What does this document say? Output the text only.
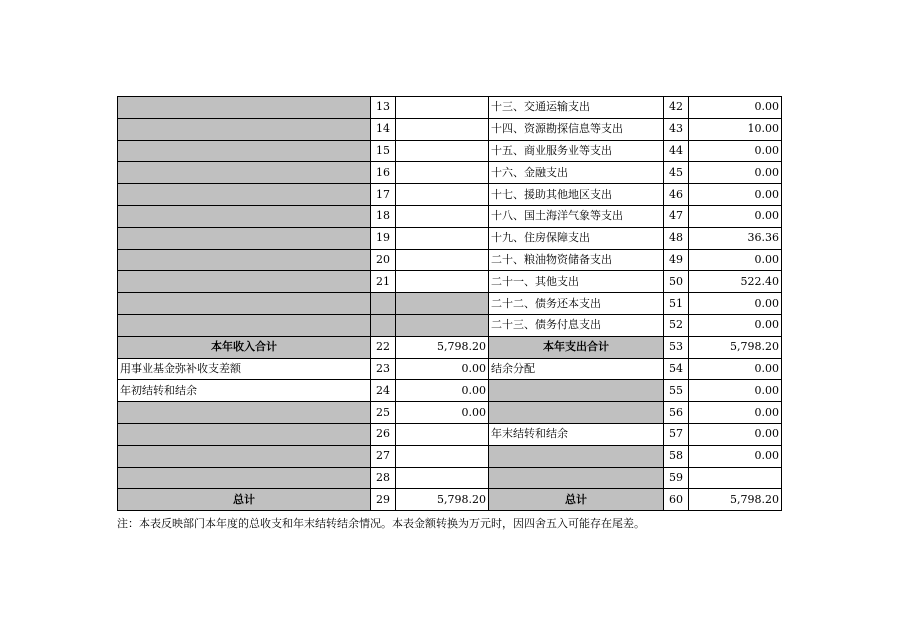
	13		十三、交通运输支出	42	0.00
	14		十四、资源勘探信息等支出	43	10.00
	15		十五、商业服务业等支出	44	0.00
	16		十六、金融支出	45	0.00
	17		十七、援助其他地区支出	46	0.00
	18		十八、国土海洋气象等支出	47	0.00
	19		十九、住房保障支出	48	36.36
	20		二十、粮油物资储备支出	49	0.00
	21		二十一、其他支出	50	522.40
			二十二、债务还本支出	51	0.00
			二十三、债务付息支出	52	0.00
本年收入合计	22	5,798.20	本年支出合计	53	5,798.20
用事业基金弥补收支差额	23	0.00	结余分配	54	0.00
年初结转和结余	24	0.00		55	0.00
	25	0.00		56	0.00
	26		年末结转和结余	57	0.00
	27			58	0.00
	28			59	
总计	29	5,798.20	总计	60	5,798.20
注：本表反映部门本年度的总收支和年末结转结余情况。本表金额转换为万元时，因四舍五入可能存在尾差。
